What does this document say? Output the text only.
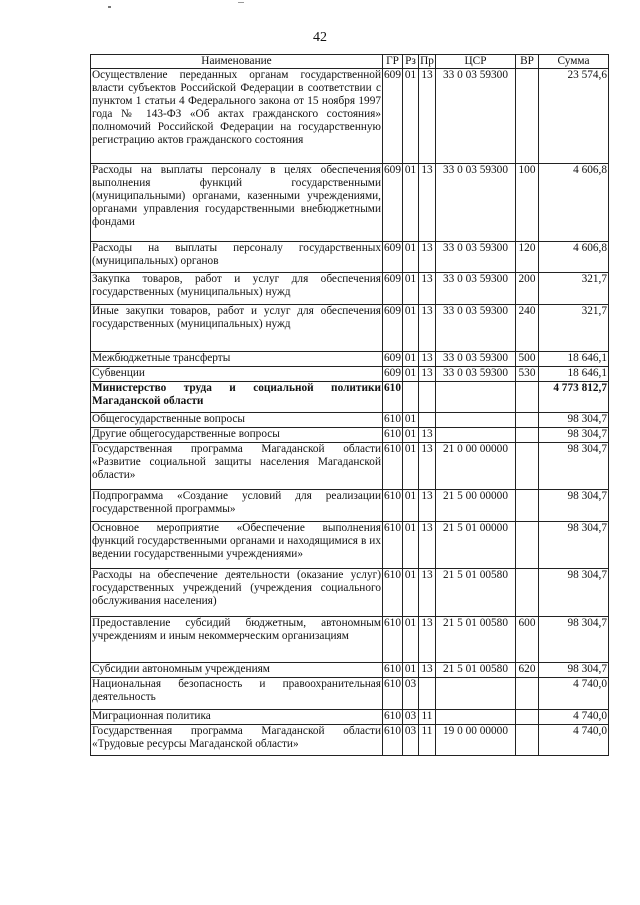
42
Наименование	ГР	Рз	Пр	ЦСР	ВР	Сумма
Осуществление переданных органам государственной власти субъектов Российской Федерации в соответствии с пунктом 1 статьи 4 Федерального закона от 15 ноября 1997 года № 143-ФЗ «Об актах гражданского состояния» полномочий Российской Федерации на государственную регистрацию актов гражданского состояния	609	01	13	33 0 03 59300		23 574,6
Расходы на выплаты персоналу в целях обеспечения выполнения функций государственными (муниципальными) органами, казенными учреждениями, органами управления государственными внебюджетными фондами	609	01	13	33 0 03 59300	100	4 606,8
Расходы на выплаты персоналу государственных (муниципальных) органов	609	01	13	33 0 03 59300	120	4 606,8
Закупка товаров, работ и услуг для обеспечения государственных (муниципальных) нужд	609	01	13	33 0 03 59300	200	321,7
Иные закупки товаров, работ и услуг для обеспечения государственных (муниципальных) нужд	609	01	13	33 0 03 59300	240	321,7
Межбюджетные трансферты	609	01	13	33 0 03 59300	500	18 646,1
Субвенции	609	01	13	33 0 03 59300	530	18 646,1
Министерство труда и социальной политики Магаданской области	610					4 773 812,7
Общегосударственные вопросы	610	01				98 304,7
Другие общегосударственные вопросы	610	01	13			98 304,7
Государственная программа Магаданской области «Развитие социальной защиты населения Магаданской области»	610	01	13	21 0 00 00000		98 304,7
Подпрограмма «Создание условий для реализации государственной программы»	610	01	13	21 5 00 00000		98 304,7
Основное мероприятие «Обеспечение выполнения функций государственными органами и находящимися в их ведении государственными учреждениями»	610	01	13	21 5 01 00000		98 304,7
Расходы на обеспечение деятельности (оказание услуг) государственных учреждений (учреждения социального обслуживания населения)	610	01	13	21 5 01 00580		98 304,7
Предоставление субсидий бюджетным, автономным учреждениям и иным некоммерческим организациям	610	01	13	21 5 01 00580	600	98 304,7
Субсидии автономным учреждениям	610	01	13	21 5 01 00580	620	98 304,7
Национальная безопасность и правоохранительная деятельность	610	03				4 740,0
Миграционная политика	610	03	11			4 740,0
Государственная программа Магаданской области «Трудовые ресурсы Магаданской области»	610	03	11	19 0 00 00000		4 740,0
